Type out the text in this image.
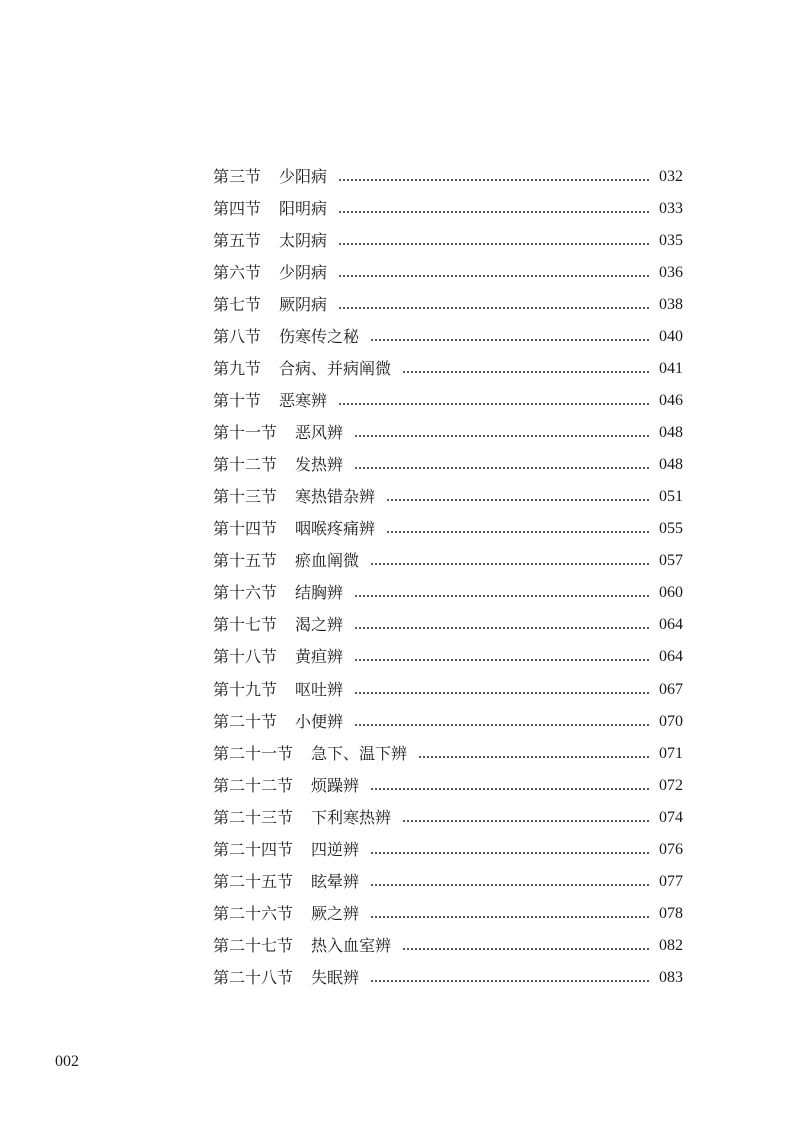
第三节 少阳病	032
第四节 阳明病	033
第五节 太阴病	035
第六节 少阴病	036
第七节 厥阴病	038
第八节 伤寒传之秘	040
第九节 合病、并病阐微	041
第十节 恶寒辨	046
第十一节 恶风辨	048
第十二节 发热辨	048
第十三节 寒热错杂辨	051
第十四节 咽喉疼痛辨	055
第十五节 瘀血阐微	057
第十六节 结胸辨	060
第十七节 渴之辨	064
第十八节 黄疸辨	064
第十九节 呕吐辨	067
第二十节 小便辨	070
第二十一节 急下、温下辨	071
第二十二节 烦躁辨	072
第二十三节 下利寒热辨	074
第二十四节 四逆辨	076
第二十五节 眩晕辨	077
第二十六节 厥之辨	078
第二十七节 热入血室辨	082
第二十八节 失眠辨	083
002
